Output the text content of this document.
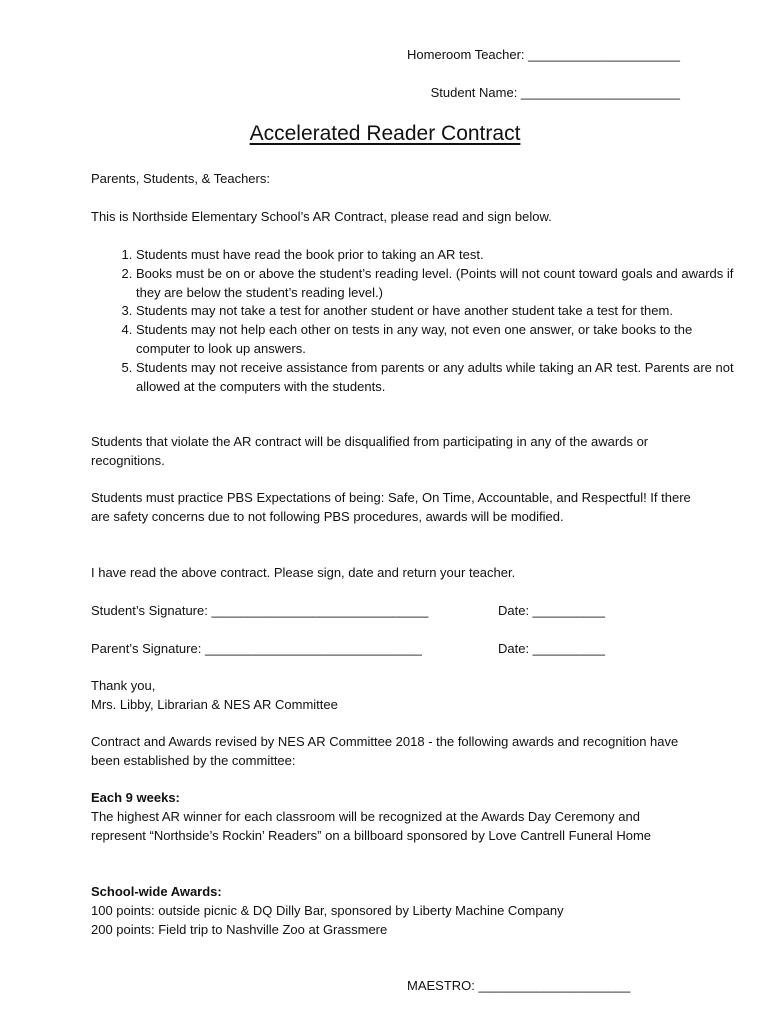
Homeroom Teacher: _____________________
Student Name: ______________________
Accelerated Reader Contract
Parents, Students, & Teachers:
This is Northside Elementary School’s AR Contract, please read and sign below.
1. Students must have read the book prior to taking an AR test.
2. Books must be on or above the student’s reading level. (Points will not count toward goals and awards if they are below the student’s reading level.)
3. Students may not take a test for another student or have another student take a test for them.
4. Students may not help each other on tests in any way, not even one answer, or take books to the computer to look up answers.
5. Students may not receive assistance from parents or any adults while taking an AR test. Parents are not allowed at the computers with the students.
Students that violate the AR contract will be disqualified from participating in any of the awards or recognitions.
Students must practice PBS Expectations of being: Safe, On Time, Accountable, and Respectful! If there are safety concerns due to not following PBS procedures, awards will be modified.
I have read the above contract. Please sign, date and return your teacher.
Student’s Signature: ______________________________	Date: __________
Parent’s Signature: ______________________________	Date: __________
Thank you,
Mrs. Libby, Librarian & NES AR Committee
Contract and Awards revised by NES AR Committee 2018 - the following awards and recognition have been established by the committee:
Each 9 weeks:
The highest AR winner for each classroom will be recognized at the Awards Day Ceremony and represent “Northside’s Rockin’ Readers” on a billboard sponsored by Love Cantrell Funeral Home
School-wide Awards:
100 points: outside picnic & DQ Dilly Bar, sponsored by Liberty Machine Company
200 points: Field trip to Nashville Zoo at Grassmere
MAESTRO: _____________________
